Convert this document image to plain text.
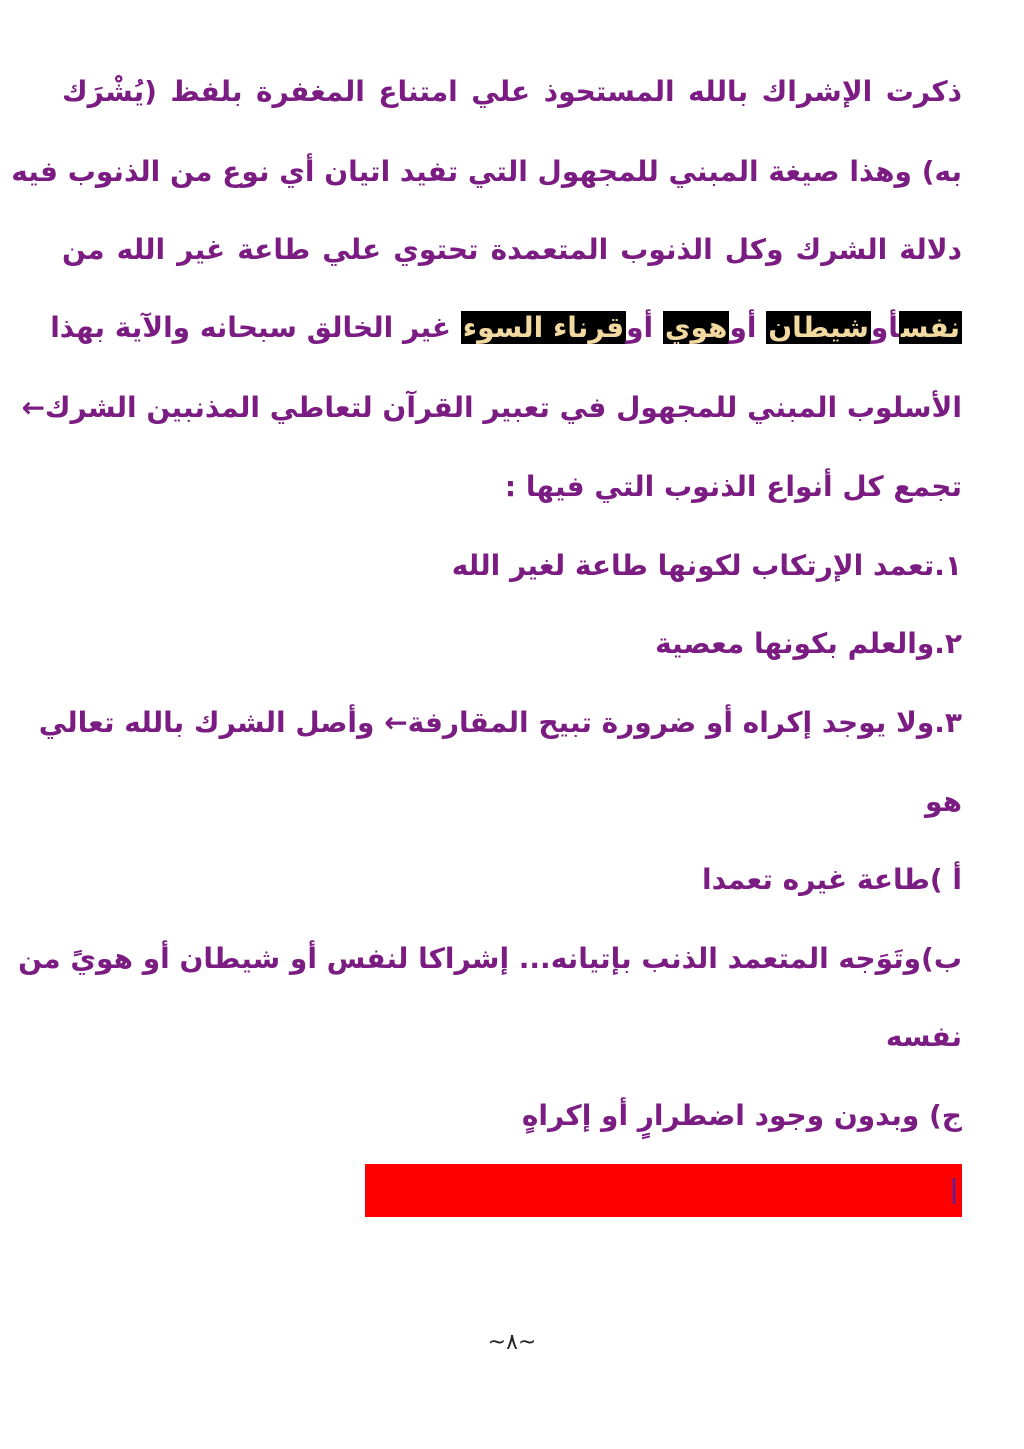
ذكرت الإشراك بالله المستحوذ علي امتناع المغفرة بلفظ (يُشْرَك
به) وهذا صيغة المبني للمجهول التي تفيد اتيان أي نوع من الذنوب فيه
دلالة الشرك وكل الذنوب المتعمدة تحتوي علي طاعة غير الله من
نفسأوشيطان أوهوي أوقرناء السوء غير الخالق سبحانه والآية بهذا
الأسلوب المبني للمجهول في تعبير القرآن لتعاطي المذنبين الشرك←
تجمع كل أنواع الذنوب التي فيها :
١.تعمد الإرتكاب لكونها طاعة لغير الله
٢.والعلم بكونها معصية
٣.ولا يوجد إكراه أو ضرورة تبيح المقارفة← وأصل الشرك بالله تعالي
هو
أ )طاعة غيره تعمدا
ب)وتَوَجه المتعمد الذنب بإتيانه... إشراكا لنفس أو شيطان أو هويً من
نفسه
ج) وبدون وجود اضطرارٍ أو إكراهٍ
~٨~
